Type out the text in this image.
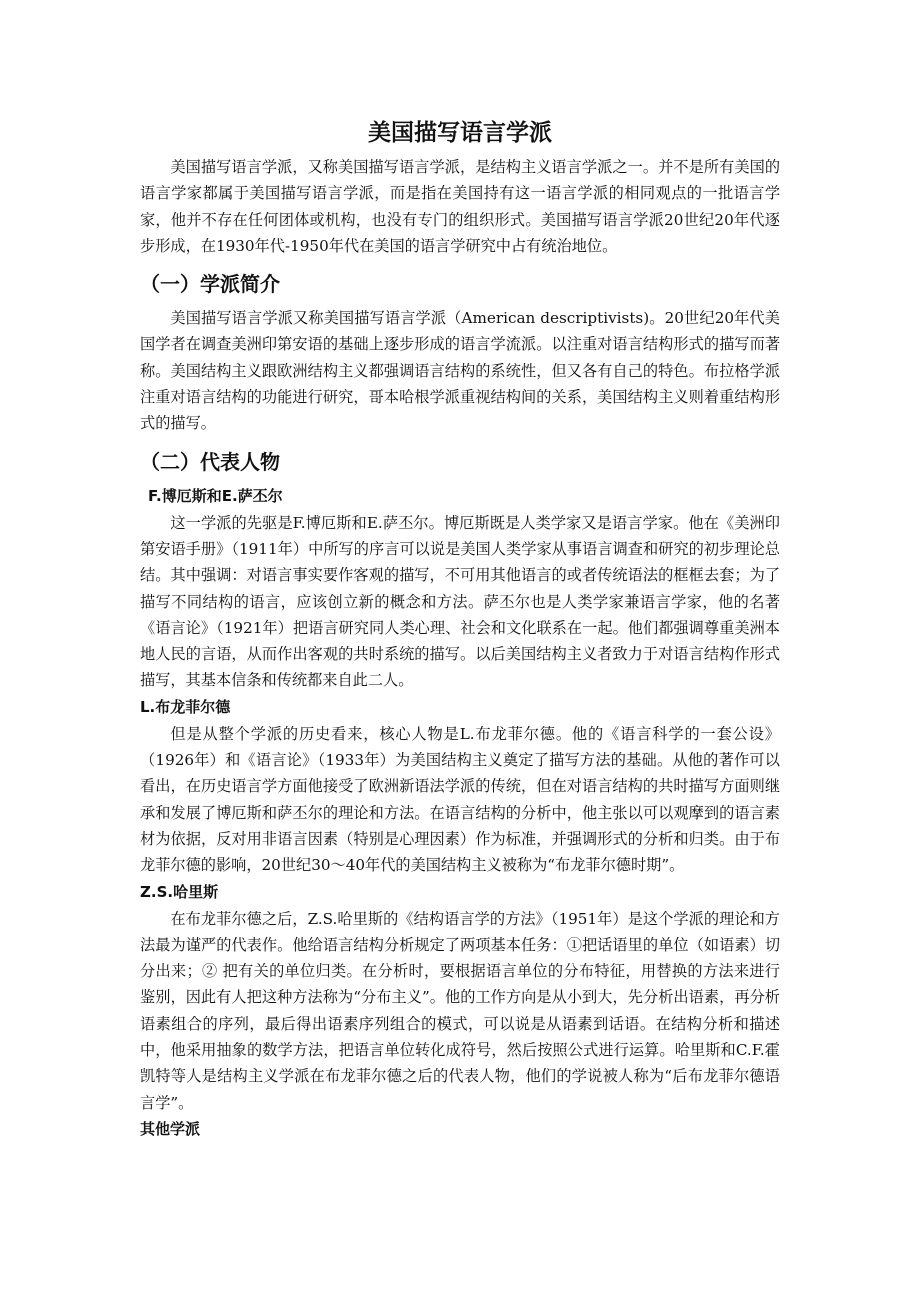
美国描写语言学派

美国描写语言学派，又称美国描写语言学派，是结构主义语言学派之一。并不是所有美国的语言学家都属于美国描写语言学派，而是指在美国持有这一语言学派的相同观点的一批语言学家，他并不存在任何团体或机构，也没有专门的组织形式。美国描写语言学派20世纪20年代逐步形成，在1930年代-1950年代在美国的语言学研究中占有统治地位。

（一）学派简介

美国描写语言学派又称美国描写语言学派（American descriptivists)。20世纪20年代美国学者在调查美洲印第安语的基础上逐步形成的语言学流派。以注重对语言结构形式的描写而著称。美国结构主义跟欧洲结构主义都强调语言结构的系统性，但又各有自己的特色。布拉格学派注重对语言结构的功能进行研究，哥本哈根学派重视结构间的关系，美国结构主义则着重结构形式的描写。

（二）代表人物
F.博厄斯和E.萨丕尔

这一学派的先驱是F.博厄斯和E.萨丕尔。博厄斯既是人类学家又是语言学家。他在《美洲印第安语手册》（1911年）中所写的序言可以说是美国人类学家从事语言调查和研究的初步理论总结。其中强调：对语言事实要作客观的描写，不可用其他语言的或者传统语法的框框去套；为了描写不同结构的语言，应该创立新的概念和方法。萨丕尔也是人类学家兼语言学家，他的名著《语言论》（1921年）把语言研究同人类心理、社会和文化联系在一起。他们都强调尊重美洲本地人民的言语，从而作出客观的共时系统的描写。以后美国结构主义者致力于对语言结构作形式描写，其基本信条和传统都来自此二人。

L.布龙菲尔德

但是从整个学派的历史看来，核心人物是L.布龙菲尔德。他的《语言科学的一套公设》（1926年）和《语言论》（1933年）为美国结构主义奠定了描写方法的基础。从他的著作可以看出，在历史语言学方面他接受了欧洲新语法学派的传统，但在对语言结构的共时描写方面则继承和发展了博厄斯和萨丕尔的理论和方法。在语言结构的分析中，他主张以可以观摩到的语言素材为依据，反对用非语言因素（特别是心理因素）作为标准，并强调形式的分析和归类。由于布龙菲尔德的影响，20世纪30～40年代的美国结构主义被称为“布龙菲尔德时期”。

Z.S.哈里斯

在布龙菲尔德之后，Z.S.哈里斯的《结构语言学的方法》（1951年）是这个学派的理论和方法最为谨严的代表作。他给语言结构分析规定了两项基本任务：①把话语里的单位（如语素）切分出来；② 把有关的单位归类。在分析时，要根据语言单位的分布特征，用替换的方法来进行鉴别，因此有人把这种方法称为“分布主义”。他的工作方向是从小到大，先分析出语素，再分析语素组合的序列，最后得出语素序列组合的模式，可以说是从语素到话语。在结构分析和描述中，他采用抽象的数学方法，把语言单位转化成符号，然后按照公式进行运算。哈里斯和C.F.霍凯特等人是结构主义学派在布龙菲尔德之后的代表人物，他们的学说被人称为“后布龙菲尔德语言学”。

其他学派
